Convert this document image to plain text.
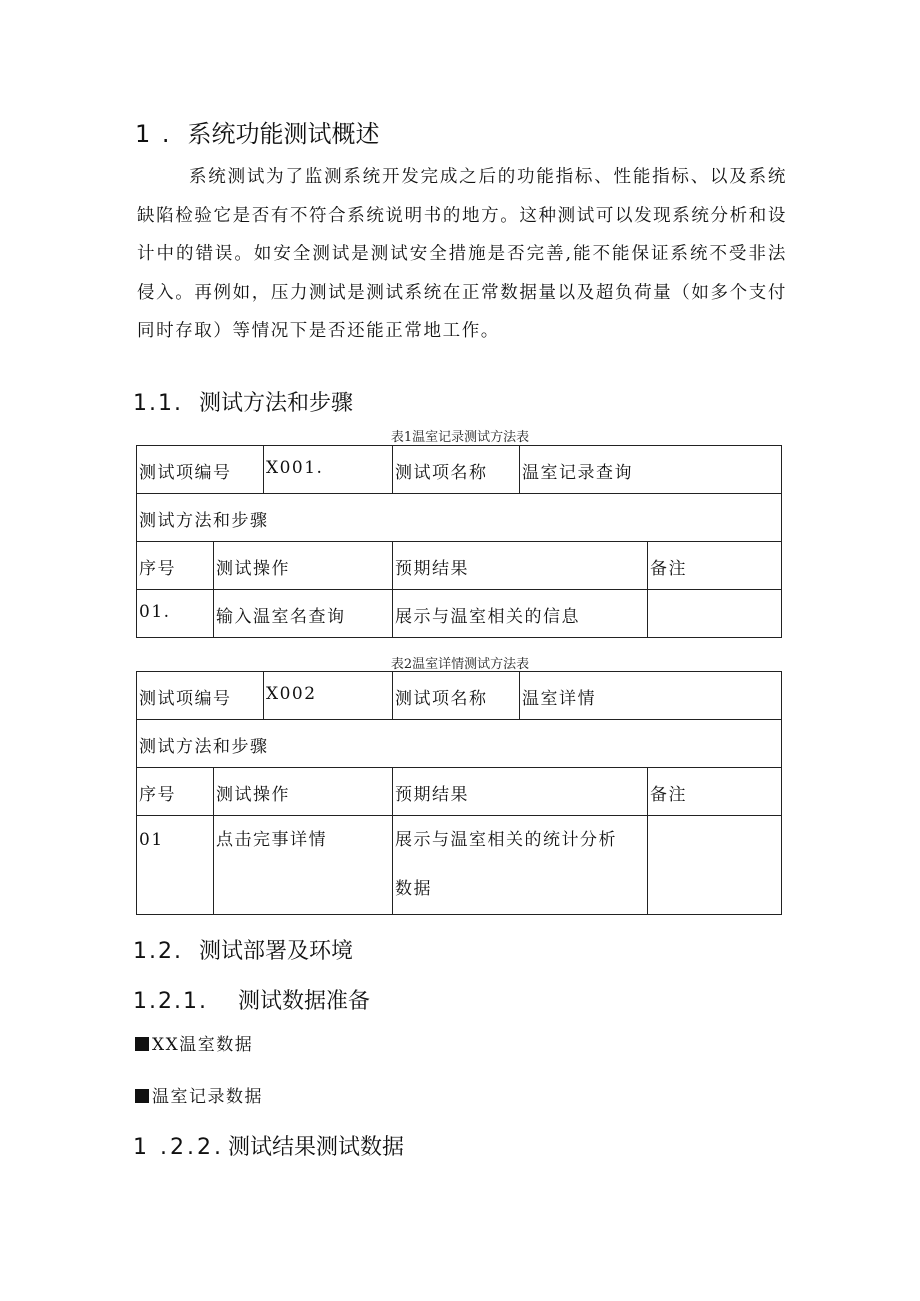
1 . 系统功能测试概述

系统测试为了监测系统开发完成之后的功能指标、性能指标、以及系统缺陷检验它是否有不符合系统说明书的地方。这种测试可以发现系统分析和设计中的错误。如安全测试是测试安全措施是否完善,能不能保证系统不受非法侵入。再例如，压力测试是测试系统在正常数据量以及超负荷量（如多个支付同时存取）等情况下是否还能正常地工作。

1.1. 测试方法和步骤

表1温室记录测试方法表

测试项编号		X001.	测试项名称	温室记录查询	
测试方法和步骤					
序号	测试操作		预期结果		备注
01.	输入温室名查询		展示与温室相关的信息		

表2温室详情测试方法表

测试项编号		X002	测试项名称	温室详情	
测试方法和步骤					
序号	测试操作		预期结果		备注
01	点击完事详情		展示与温室相关的统计分析数据		
1.2. 测试部署及环境
1.2.1. 测试数据准备
XX温室数据
温室记录数据
1 .2.2. 测试结果测试数据
